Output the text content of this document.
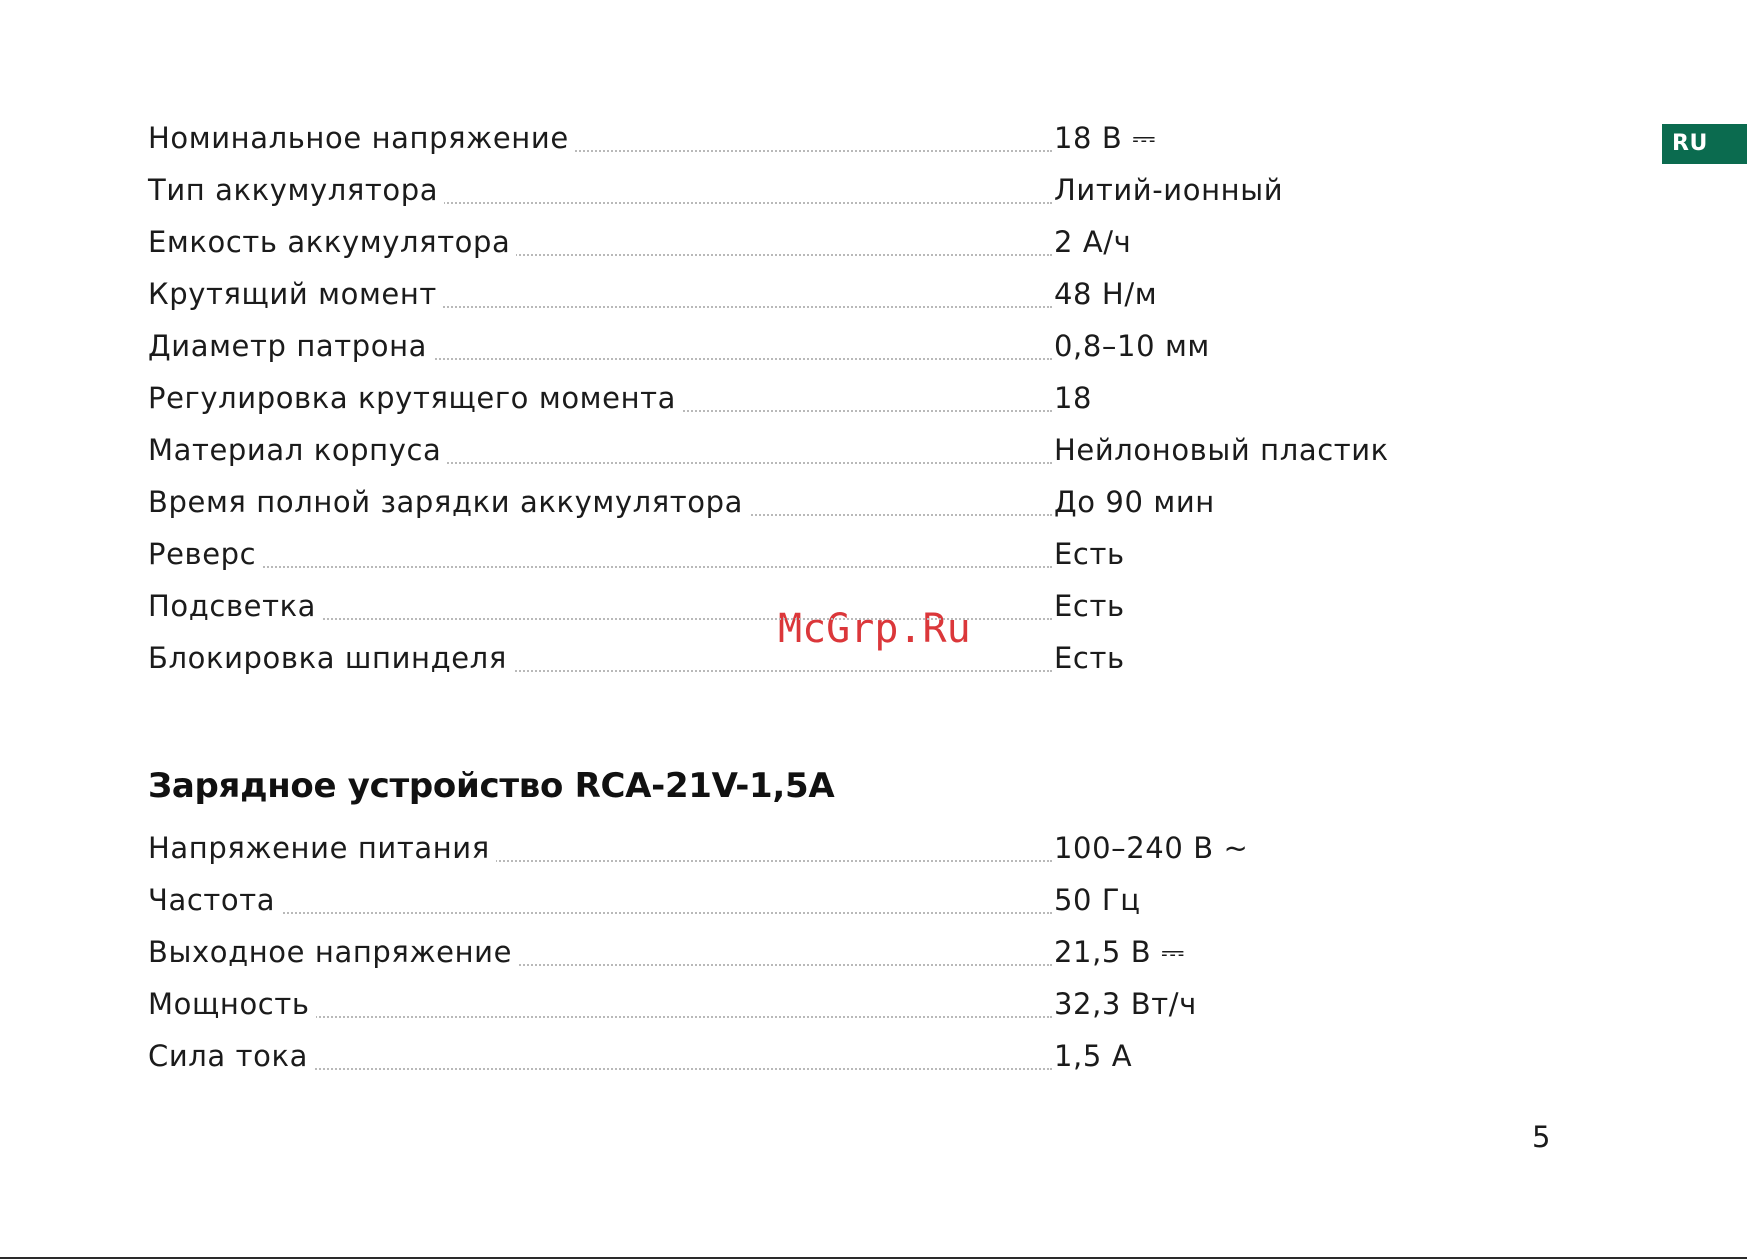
RU
Номинальное напряжение	18 В ⎓
Тип аккумулятора	Литий-ионный
Емкость аккумулятора	2 А/ч
Крутящий момент	48 Н/м
Диаметр патрона	0,8–10 мм
Регулировка крутящего момента	18
Материал корпуса	Нейлоновый пластик
Время полной зарядки аккумулятора	До 90 мин
Реверс	Есть
Подсветка	Есть
Блокировка шпинделя	Есть
McGrp.Ru
Зарядное устройство RCA-21V-1,5A
Напряжение питания	100–240 В ~
Частота	50 Гц
Выходное напряжение	21,5 В ⎓
Мощность	32,3 Вт/ч
Сила тока	1,5 А
5
